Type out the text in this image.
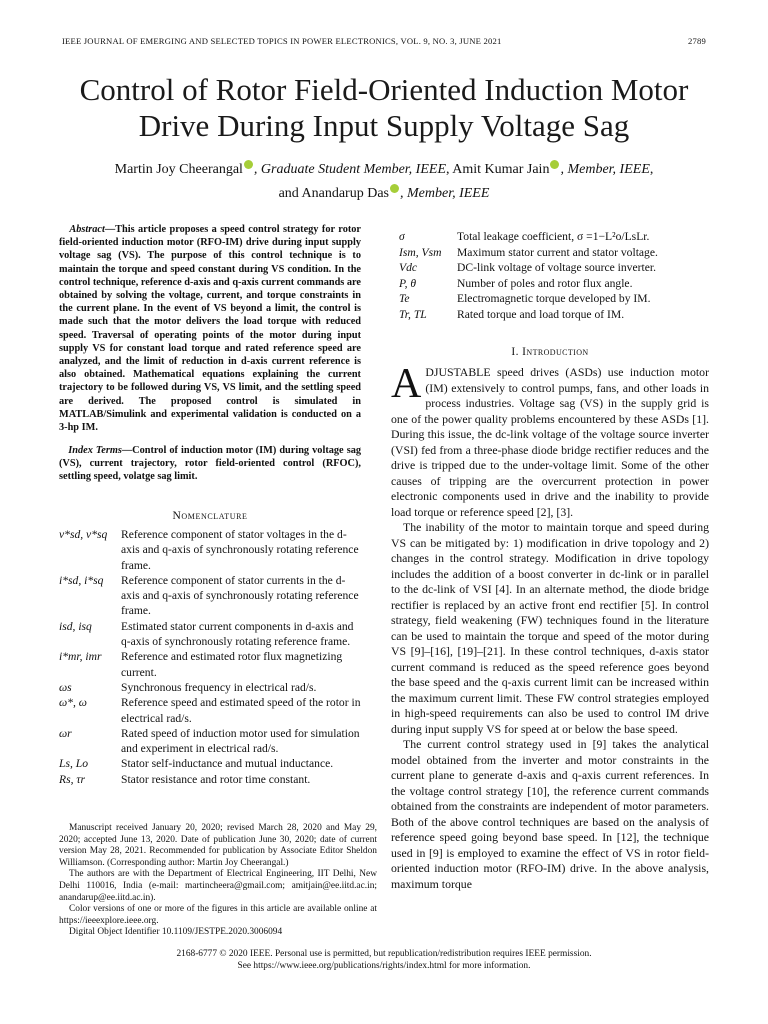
IEEE JOURNAL OF EMERGING AND SELECTED TOPICS IN POWER ELECTRONICS, VOL. 9, NO. 3, JUNE 2021	2789
Control of Rotor Field-Oriented Induction Motor
Drive During Input Supply Voltage Sag
Martin Joy Cheerangal , Graduate Student Member, IEEE, Amit Kumar Jain , Member, IEEE,
and Anandarup Das , Member, IEEE
Abstract—This article proposes a speed control strategy for rotor field-oriented induction motor (RFO-IM) drive during input supply voltage sag (VS). The purpose of this control technique is to maintain the torque and speed constant during VS condition. In the control technique, reference d-axis and q-axis current commands are obtained by solving the voltage, current, and torque constraints in the current plane. In the event of VS beyond a limit, the control is made such that the motor delivers the load torque with reduced speed. Traversal of operating points of the motor during input supply VS for constant load torque and rated reference speed are analyzed, and the limit of reduction in d-axis current reference is also obtained. Mathematical equations explaining the current trajectory to be followed during VS, VS limit, and the settling speed are derived. The proposed control is simulated in MATLAB/Simulink and experimental validation is conducted on a 3-hp IM.
Index Terms—Control of induction motor (IM) during voltage sag (VS), current trajectory, rotor field-oriented control (RFOC), settling speed, volatge sag limit.
Nomenclature
v*sd, v*sq	Reference component of stator voltages in the d-axis and q-axis of synchronously rotating reference frame.
i*sd, i*sq	Reference component of stator currents in the d-axis and q-axis of synchronously rotating reference frame.
isd, isq	Estimated stator current components in d-axis and q-axis of synchronously rotating reference frame.
i*mr, imr	Reference and estimated rotor flux magnetizing current.
ωs	Synchronous frequency in electrical rad/s.
ω*, ω	Reference speed and estimated speed of the rotor in electrical rad/s.
ωr	Rated speed of induction motor used for simulation and experiment in electrical rad/s.
Ls, Lo	Stator self-inductance and mutual inductance.
Rs, τr	Stator resistance and rotor time constant.
σ	Total leakage coefficient, σ =1−L²o/LsLr.
Ism, Vsm	Maximum stator current and stator voltage.
Vdc	DC-link voltage of voltage source inverter.
P, θ	Number of poles and rotor flux angle.
Te	Electromagnetic torque developed by IM.
Tr, TL	Rated torque and load torque of IM.

Manuscript received January 20, 2020; revised March 28, 2020 and May 29, 2020; accepted June 13, 2020. Date of publication June 30, 2020; date of current version May 28, 2021. Recommended for publication by Associate Editor Sheldon Williamson. (Corresponding author: Martin Joy Cheerangal.)

The authors are with the Department of Electrical Engineering, IIT Delhi, New Delhi 110016, India (e-mail: martincheera@gmail.com; amitjain@ee.iitd.ac.in; anandarup@ee.iitd.ac.in).

Color versions of one or more of the figures in this article are available online at https://ieeexplore.ieee.org.

Digital Object Identifier 10.1109/JESTPE.2020.3006094

I. Introduction

ADJUSTABLE speed drives (ASDs) use induction motor (IM) extensively to control pumps, fans, and other loads in process industries. Voltage sag (VS) in the supply grid is one of the power quality problems encountered by these ASDs [1]. During this issue, the dc-link voltage of the voltage source inverter (VSI) fed from a three-phase diode bridge rectifier reduces and the drive is tripped due to the under-voltage limit. Some of the other causes of tripping are the overcurrent protection in power electronic components used in drive and the inability to provide load torque or reference speed [2], [3].

The inability of the motor to maintain torque and speed during VS can be mitigated by: 1) modification in drive topology and 2) changes in the control strategy. Modification in drive topology includes the addition of a boost converter in dc-link or in parallel to the dc-link of VSI [4]. In an alternate method, the diode bridge rectifier is replaced by an active front end rectifier [5]. In control strategy, field weakening (FW) techniques found in the literature can be used to maintain the torque and speed of the motor during VS [9]–[16], [19]–[21]. In these control techniques, d-axis stator current command is reduced as the speed reference goes beyond the base speed and the q-axis current limit can be increased within the maximum current limit. These FW control strategies employed in high-speed requirements can also be used to control IM drive during input supply VS for speed at or below the base speed.

The current control strategy used in [9] takes the analytical model obtained from the inverter and motor constraints in the current plane to generate d-axis and q-axis current references. In the voltage control strategy [10], the reference current commands obtained from the constraints are independent of motor parameters. Both of the above control techniques are based on the analysis of reference speed going beyond base speed. In [12], the technique used in [9] is employed to examine the effect of VS in rotor field-oriented induction motor (RFO-IM) drive. In the above analysis, maximum torque

2168-6777 © 2020 IEEE. Personal use is permitted, but republication/redistribution requires IEEE permission.
See https://www.ieee.org/publications/rights/index.html for more information.
